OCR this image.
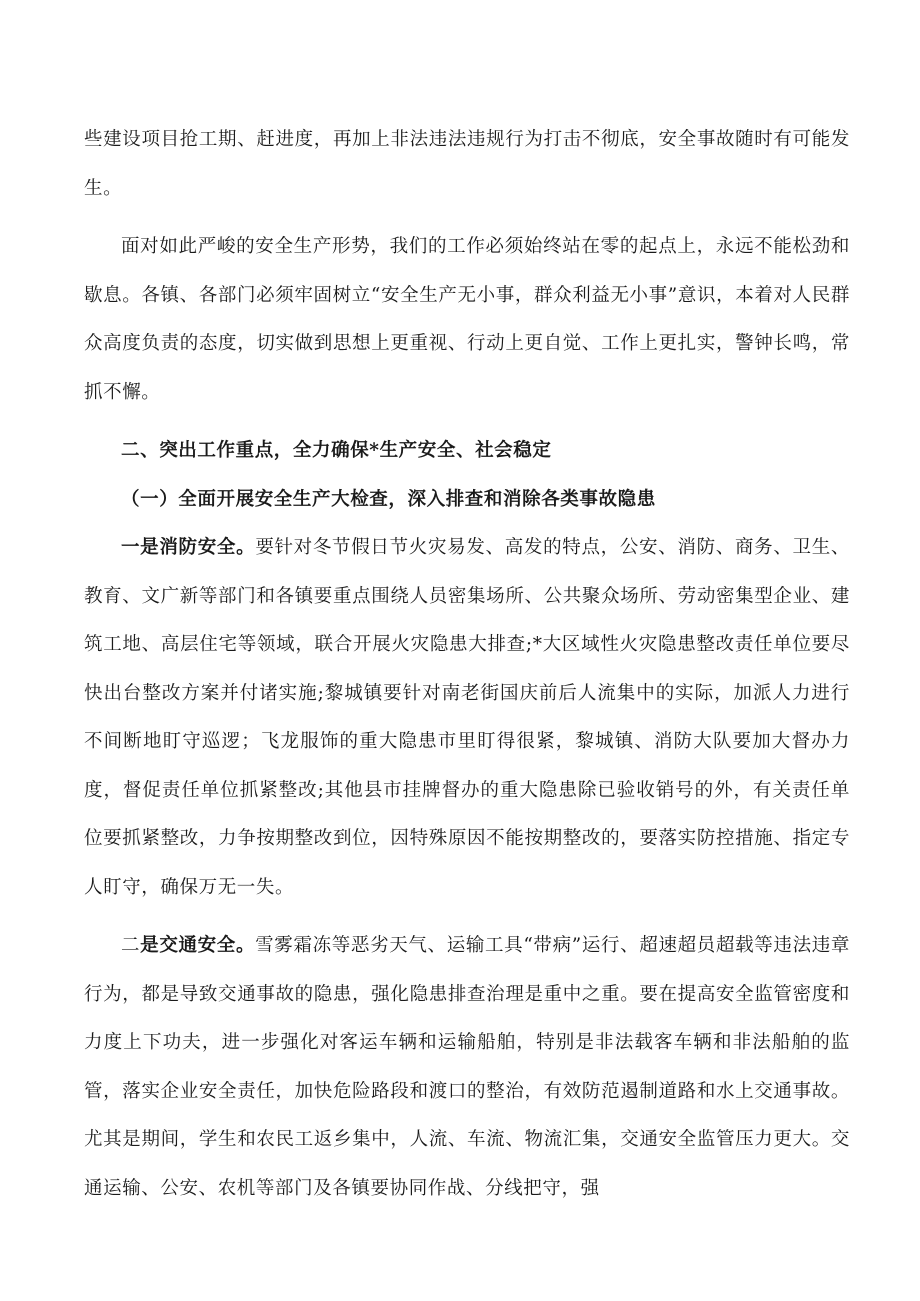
些建设项目抢工期、赶进度，再加上非法违法违规行为打击不彻底，安全事故随时有可能发生。

面对如此严峻的安全生产形势，我们的工作必须始终站在零的起点上，永远不能松劲和歇息。各镇、各部门必须牢固树立“安全生产无小事，群众利益无小事”意识，本着对人民群众高度负责的态度，切实做到思想上更重视、行动上更自觉、工作上更扎实，警钟长鸣，常抓不懈。

二、突出工作重点，全力确保*生产安全、社会稳定

（一）全面开展安全生产大检查，深入排查和消除各类事故隐患

一是消防安全。要针对冬节假日节火灾易发、高发的特点，公安、消防、商务、卫生、教育、文广新等部门和各镇要重点围绕人员密集场所、公共聚众场所、劳动密集型企业、建筑工地、高层住宅等领域，联合开展火灾隐患大排查;*大区域性火灾隐患整改责任单位要尽快出台整改方案并付诸实施;黎城镇要针对南老街国庆前后人流集中的实际，加派人力进行不间断地盯守巡逻；飞龙服饰的重大隐患市里盯得很紧，黎城镇、消防大队要加大督办力度，督促责任单位抓紧整改;其他县市挂牌督办的重大隐患除已验收销号的外，有关责任单位要抓紧整改，力争按期整改到位，因特殊原因不能按期整改的，要落实防控措施、指定专人盯守，确保万无一失。

二是交通安全。雪雾霜冻等恶劣天气、运输工具“带病”运行、超速超员超载等违法违章行为，都是导致交通事故的隐患，强化隐患排查治理是重中之重。要在提高安全监管密度和力度上下功夫，进一步强化对客运车辆和运输船舶，特别是非法载客车辆和非法船舶的监管，落实企业安全责任，加快危险路段和渡口的整治，有效防范遏制道路和水上交通事故。尤其是期间，学生和农民工返乡集中，人流、车流、物流汇集，交通安全监管压力更大。交通运输、公安、农机等部门及各镇要协同作战、分线把守，强
